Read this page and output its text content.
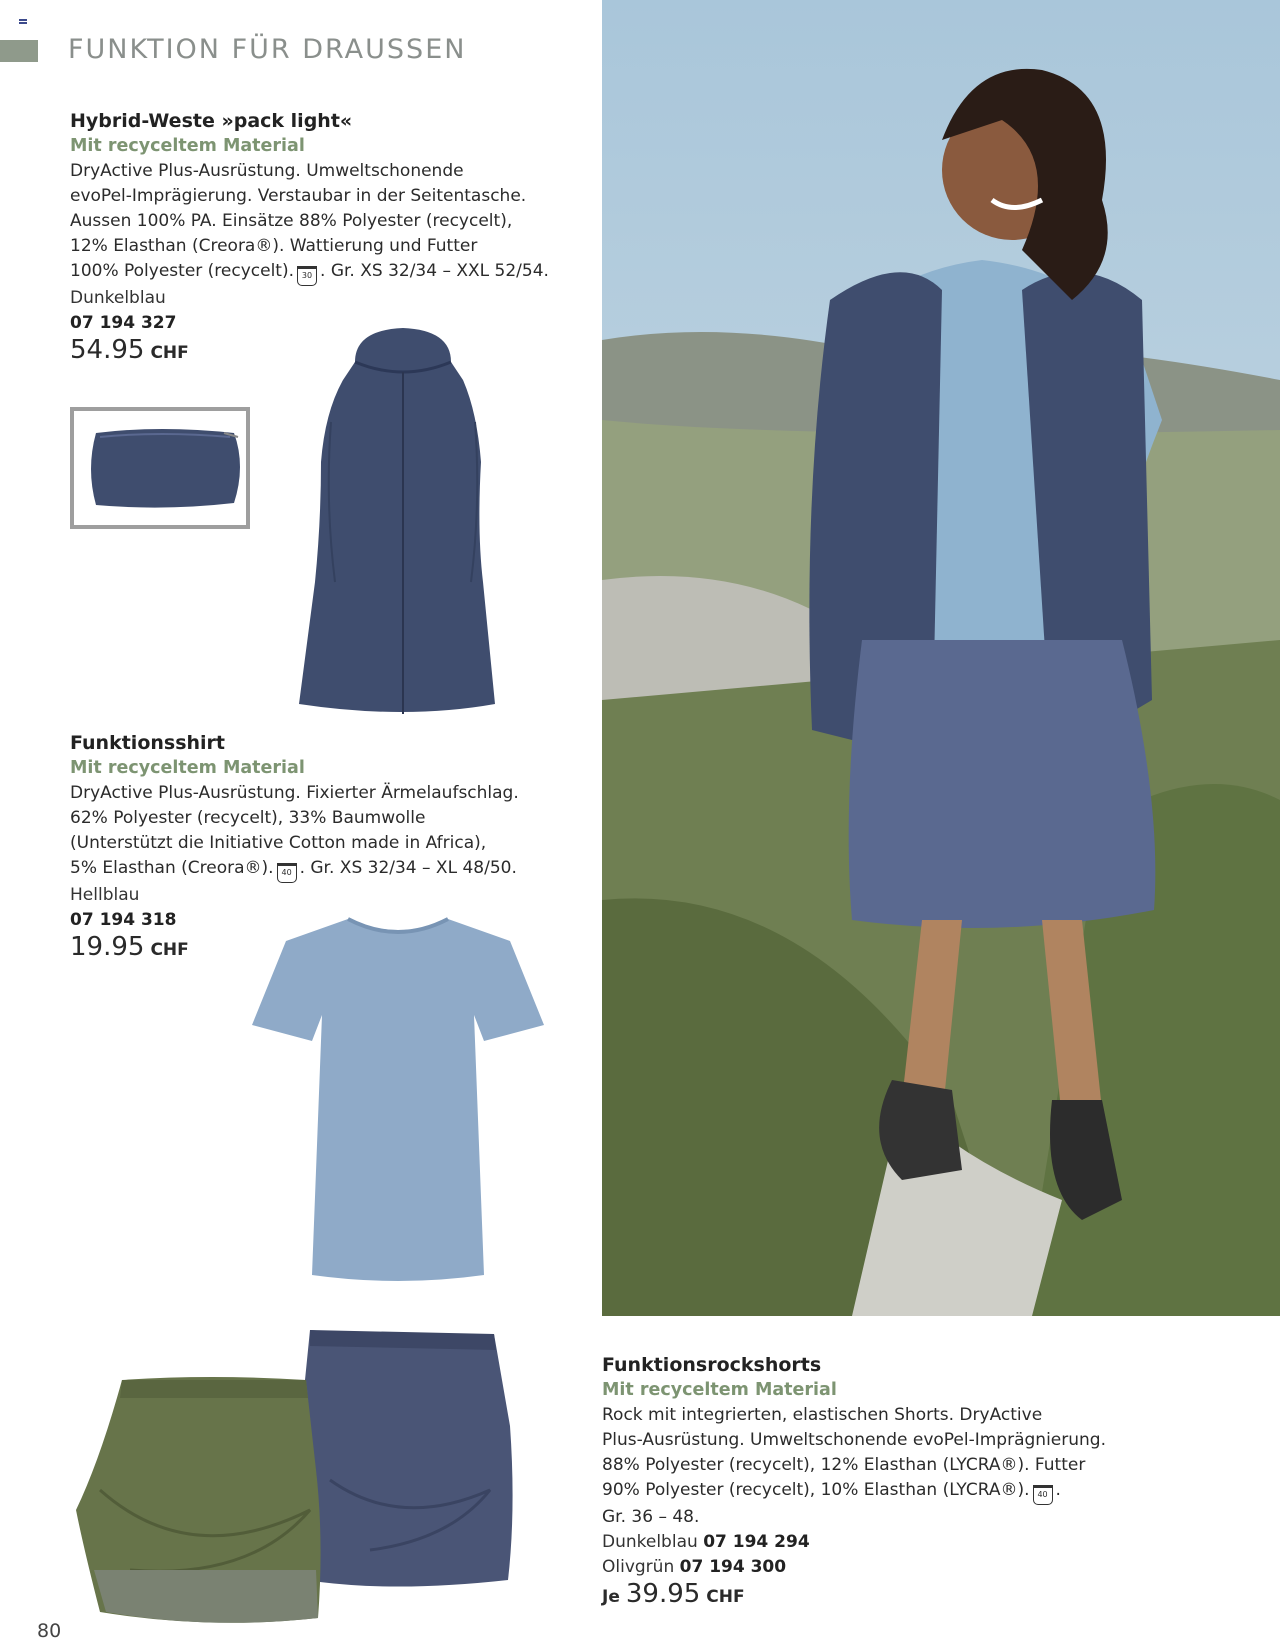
FUNKTION FÜR DRAUSSEN
Hybrid-Weste »pack light«
Mit recyceltem Material
DryActive Plus-Ausrüstung. Umweltschonende
evoPel-Imprägierung. Verstaubar in der Seitentasche.
Aussen 100% PA. Einsätze 88% Polyester (recycelt),
12% Elasthan (Creora®). Wattierung und Futter
100% Polyester (recycelt). 30 . Gr. XS 32/34 – XXL 52/54.
Dunkelblau
07 194 327
54.95 CHF
Funktionsshirt
Mit recyceltem Material
DryActive Plus-Ausrüstung. Fixierter Ärmelaufschlag.
62% Polyester (recycelt), 33% Baumwolle
(Unterstützt die Initiative Cotton made in Africa),
5% Elasthan (Creora®). 40 . Gr. XS 32/34 – XL 48/50.
Hellblau
07 194 318
19.95 CHF
Funktionsrockshorts
Mit recyceltem Material
Rock mit integrierten, elastischen Shorts. DryActive
Plus-Ausrüstung. Umweltschonende evoPel-Imprägnierung.
88% Polyester (recycelt), 12% Elasthan (LYCRA®). Futter
90% Polyester (recycelt), 10% Elasthan (LYCRA®). 40 .
Gr. 36 – 48.
Dunkelblau 07 194 294
Olivgrün 07 194 300
Je 39.95 CHF
80
